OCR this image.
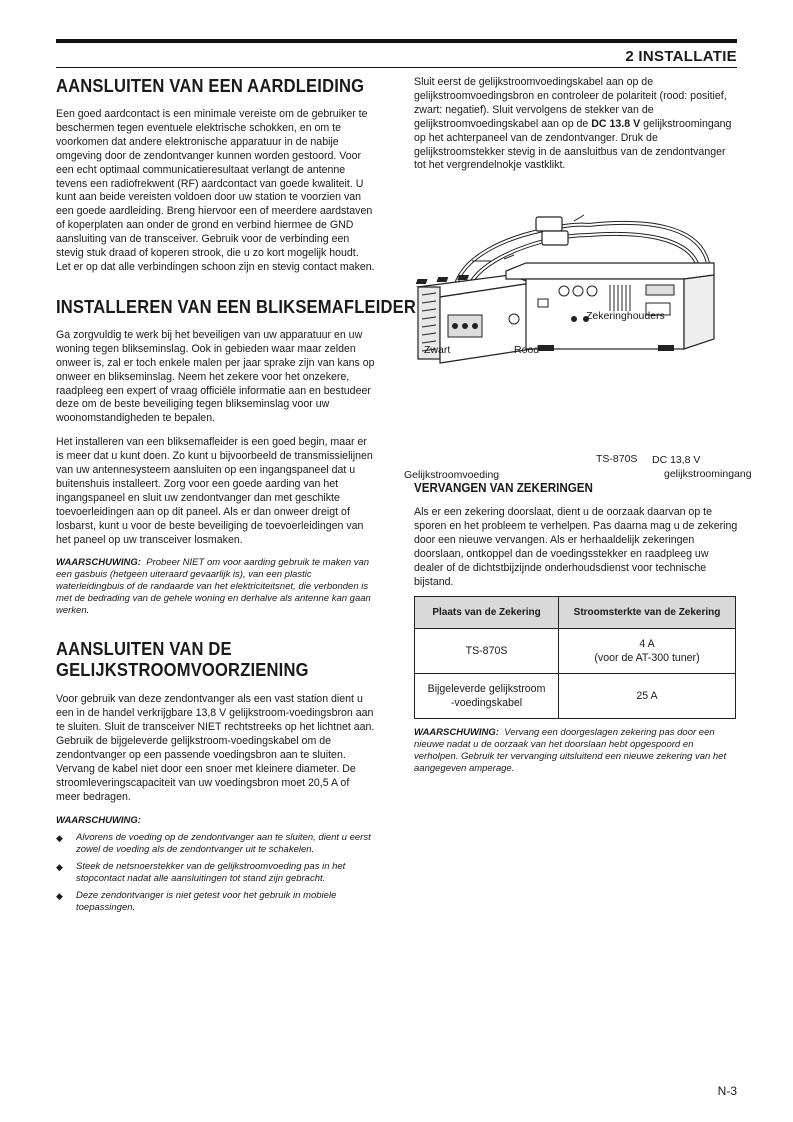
2 INSTALLATIE
AANSLUITEN VAN EEN AARDLEIDING

Een goed aardcontact is een minimale vereiste om de gebruiker te beschermen tegen eventuele elektrische schokken, en om te voorkomen dat andere elektronische apparatuur in de nabije omgeving door de zendontvanger kunnen worden gestoord. Voor een echt optimaal communicatieresultaat verlangt de antenne tevens een radiofrekwent (RF) aardcontact van goede kwaliteit. U kunt aan beide vereisten voldoen door uw station te voorzien van een goede aardleiding. Breng hiervoor een of meerdere aardstaven of koperplaten aan onder de grond en verbind hiermee de GND aansluiting van de transceiver. Gebruik voor de verbinding een stevig stuk draad of koperen strook, die u zo kort mogelijk houdt. Let er op dat alle verbindingen schoon zijn en stevig contact maken.

INSTALLEREN VAN EEN BLIKSEMAFLEIDER

Ga zorgvuldig te werk bij het beveiligen van uw apparatuur en uw woning tegen blikseminslag. Ook in gebieden waar maar zelden onweer is, zal er toch enkele malen per jaar sprake zijn van kans op onweer en blikseminslag. Neem het zekere voor het onzekere, raadpleeg een expert of vraag officiële informatie aan en bestudeer deze om de beste beveiliging tegen blikseminslag voor uw woonomstandigheden te bepalen.

Het installeren van een bliksemafleider is een goed begin, maar er is meer dat u kunt doen. Zo kunt u bijvoorbeeld de transmissielijnen van uw antennesysteem aansluiten op een ingangspaneel dat u buitenshuis installeert. Zorg voor een goede aarding van het ingangspaneel en sluit uw zendontvanger dan met geschikte toevoerleidingen aan op dit paneel. Als er dan onweer dreigt of losbarst, kunt u voor de beste beveiliging de toevoerleidingen van het paneel op uw transceiver losmaken.

WAARSCHUWING: Probeer NIET om voor aarding gebruik te maken van een gasbuis (hetgeen uiteraard gevaarlijk is), van een plastic waterleidingbuis of de randaarde van het elektriciteitsnet, die verbonden is met de bedrading van de gehele woning en derhalve als antenne kan gaan werken.
AANSLUITEN VAN DE
GELIJKSTROOMVOORZIENING

Voor gebruik van deze zendontvanger als een vast station dient u een in de handel verkrijgbare 13,8 V gelijkstroom-voedingsbron aan te sluiten. Sluit de transceiver NIET rechtstreeks op het lichtnet aan. Gebruik de bijgeleverde gelijkstroom-voedingskabel om de zendontvanger op een passende voedingsbron aan te sluiten. Vervang de kabel niet door een snoer met kleinere diameter. De stroomleveringscapaciteit van uw voedingsbron moet 20,5 A of meer bedragen.

WAARSCHUWING:
◆ Alvorens de voeding op de zendontvanger aan te sluiten, dient u eerst zowel de voeding als de zendontvanger uit te schakelen.
◆ Steek de netsnoerstekker van de gelijkstroomvoeding pas in het stopcontact nadat alle aansluitingen tot stand zijn gebracht.
◆ Deze zendontvanger is niet getest voor het gebruik in mobiele toepassingen.

Sluit eerst de gelijkstroomvoedingskabel aan op de gelijkstroomvoedingsbron en controleer de polariteit (rood: positief, zwart: negatief). Sluit vervolgens de stekker van de gelijkstroomvoedingskabel aan op de DC 13.8 V gelijkstroomingang op het achterpaneel van de zendontvanger. Druk de gelijkstroomstekker stevig in de aansluitbus van de zendontvanger tot het vergrendelnokje vastklikt.

Zekeringhouders
Zwart	Rood
TS-870S DC 13,8 V
gelijkstroomingang
Gelijkstroomvoeding
VERVANGEN VAN ZEKERINGEN

Als er een zekering doorslaat, dient u de oorzaak daarvan op te sporen en het probleem te verhelpen. Pas daarna mag u de zekering door een nieuwe vervangen. Als er herhaaldelijk zekeringen doorslaan, ontkoppel dan de voedingsstekker en raadpleeg uw dealer of de dichtstbijzijnde onderhoudsdienst voor technische bijstand.

Plaats van de Zekering	Stroomsterkte van de Zekering
TS-870S	4 A
(voor de AT-300 tuner)
Bijgeleverde gelijkstroom
-voedingskabel	25 A
WAARSCHUWING: Vervang een doorgeslagen zekering pas door een nieuwe nadat u de oorzaak van het doorslaan hebt opgespoord en verholpen. Gebruik ter vervanging uitsluitend een nieuwe zekering van het aangegeven amperage.
N-3
